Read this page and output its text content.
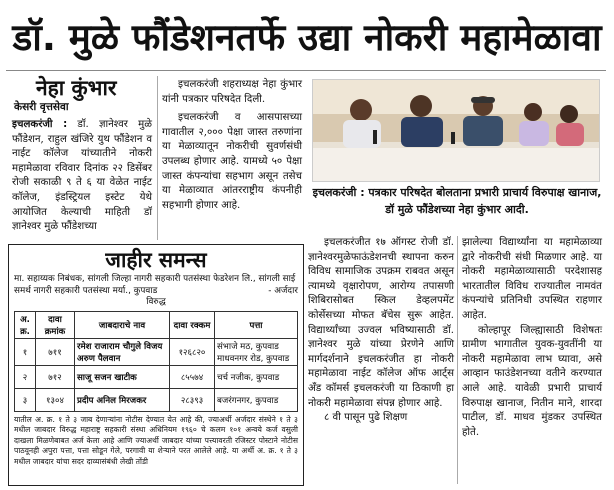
डॉ. मुळे फौंडेशनतर्फे उद्या नोकरी महामेळावा
नेहा कुंभार
केसरी वृत्तसेवा

इचलकरंजी : डॉ. ज्ञानेश्वर मुळे फौंडेशन, राहुल खंजिरे युथ फौंडेशन व नाईट कॉलेज यांच्यातीने नोकरी महामेळावा रविवार दिनांक २२ डिसेंबर रोजी सकाळी ९ ते ६ या वेळेत नाईट कॉलेज, इंडस्ट्रियल इस्टेट येथे आयोजित केल्याची माहिती डॉ ज्ञानेश्वर मुळे फौंडेशच्या

इचलकरंजी शहराध्यक्ष नेहा कुंभार यांनी पत्रकार परिषदेत दिली.

इचलकरंजी व आसपासच्या गावातील २,००० पेक्षा जास्त तरुणांना या मेळाव्यातून नोकरीची सुवर्णसंधी उपलब्ध होणार आहे. यामध्ये ५० पेक्षा जास्त कंपन्यांचा सहभाग असून तसेच या मेळाव्यात आंतरराष्ट्रीय कंपनीही सहभागी होणार आहे.

इचलकरंजी : पत्रकार परिषदेत बोलताना प्रभारी प्राचार्य विरुपाक्ष खानाज, डॉ मुळे फौंडेशच्या नेहा कुंभार आदी.
जाहीर समन्स
मा. सहाय्यक निबंधक, सांगली जिल्हा नागरी सहकारी पतसंस्था फेडरेशन लि., सांगली साई समर्थ नागरी सहकारी पतसंस्था मर्या., कुपवाड	- अर्जदार
विरुद्ध
अ. क्र.	दावा क्रमांक	जाबदाराचे नाव	दावा रक्कम	पत्ता
१	७११	रमेश राजाराम चौगुले विजय अरुण पैलवान	१२६८२०	संभाजे मठ, कुपवाड माधवनगर रोड, कुपवाड
२	७१२	साजू सजन खाटीक	८५५७४	चर्च नजीक, कुपवाड
३	१३०४	प्रदीप अनिल मिरजकर	२८३९३	बजरंगनगर, कुपवाड
यातील अ. क्र. १ ते ३ जाब देणाऱ्यांना नोटीस देण्यात येत आहे की, ज्याअर्थी अर्जदार संस्थेने १ ते ३ मधील जाबदार विरुद्ध महाराष्ट्र सहकारी संस्था अधिनियम १९६० चे कलम १०१ अन्वये कर्ज वसुली दाखला मिळणेबाबत अर्ज केला आहे आणि ज्याअर्थी जाबदार यांच्या पत्त्यावरती रजिस्टर पोस्टाने नोटीस पाठवूनही अपुरा पत्ता, पत्ता सोडून गेले, परगावी या शेऱ्याने परत आलेले आहे. या अर्थी अ. क्र. १ ते ३ मधील जाबदार यांचा सदर दाव्यासंबंधी लेखी तोंडी

इचलकरंजीत १७ ऑगस्ट रोजी डॉ. ज्ञानेश्वरमुळेफाऊंडेशनची स्थापना करुन विविध सामाजिक उपक्रम राबवत असून त्यामध्ये वृक्षारोपण, आरोग्य तपासणी शिबिरासोबत स्किल डेव्हलपमेंट कोर्सेसच्या मोफत बॅचेस सुरू आहेत. विद्यार्थ्यांच्या उज्वल भविष्यासाठी डॉ. ज्ञानेश्वर मुळे यांच्या प्रेरणेने आणि मार्गदर्शनाने इचलकरंजीत हा नोकरी महामेळावा नाईट कॉलेज ऑफ आर्ट्स अँड कॉमर्स इचलकरंजी या ठिकाणी हा नोकरी महामेळावा संपन्न होणार आहे.

८ वी पासून पुढे शिक्षण

झालेल्या विद्यार्थ्यांना या महामेळाव्या द्वारे नोकरीची संधी मिळणार आहे. या नोकरी महामेळाव्यासाठी परदेशासह भारतातील विविध राज्यातील नामवंत कंपन्यांचे प्रतिनिधी उपस्थित राहणार आहेत.

कोल्हापूर जिल्ह्यासाठी विशेषतः ग्रामीण भागातील युवक-युवतींनी या नोकरी महामेळावा लाभ घ्यावा, असे आव्हान फाउंडेशनच्या वतीने करण्यात आले आहे. यावेळी प्रभारी प्राचार्य विरुपाक्ष खानाज, नितीन माने, शारदा पाटील, डॉ. माधव मुंडकर उपस्थित होते.
